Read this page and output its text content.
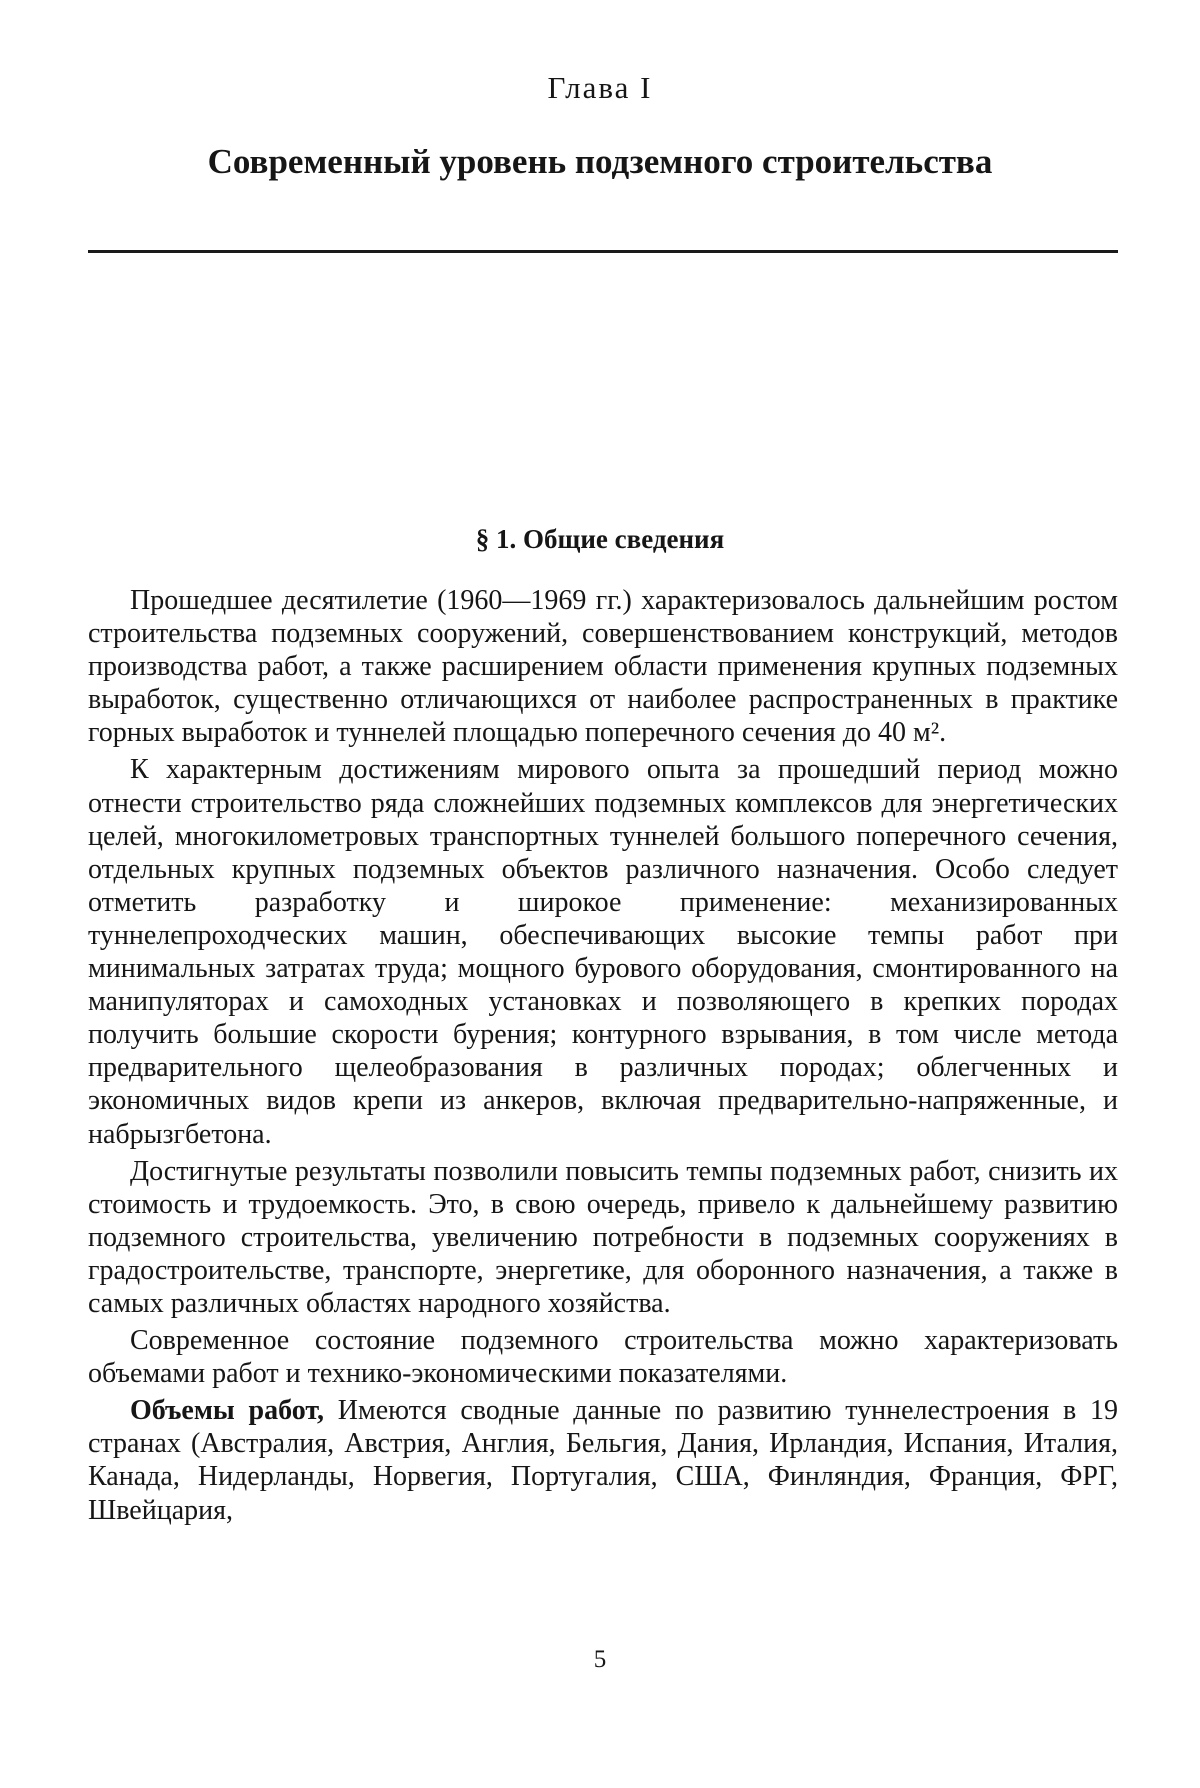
Глава I
Современный уровень подземного строительства
§ 1. Общие сведения

Прошедшее десятилетие (1960—1969 гг.) характеризовалось дальнейшим ростом строительства подземных сооружений, совершенствованием конструкций, методов производства работ, а также расширением области применения крупных подземных выработок, существенно отличающихся от наиболее распространенных в практике горных выработок и туннелей площадью поперечного сечения до 40 м².

К характерным достижениям мирового опыта за прошедший период можно отнести строительство ряда сложнейших подземных комплексов для энергетических целей, многокилометровых транспортных туннелей большого поперечного сечения, отдельных крупных подземных объектов различного назначения. Особо следует отметить разработку и широкое применение: механизированных туннелепроходческих машин, обеспечивающих высокие темпы работ при минимальных затратах труда; мощного бурового оборудования, смонтированного на манипуляторах и самоходных установках и позволяющего в крепких породах получить большие скорости бурения; контурного взрывания, в том числе метода предварительного щелеобразования в различных породах; облегченных и экономичных видов крепи из анкеров, включая предварительно-напряженные, и набрызгбетона.

Достигнутые результаты позволили повысить темпы подземных работ, снизить их стоимость и трудоемкость. Это, в свою очередь, привело к дальнейшему развитию подземного строительства, увеличению потребности в подземных сооружениях в градостроительстве, транспорте, энергетике, для оборонного назначения, а также в самых различных областях народного хозяйства.

Современное состояние подземного строительства можно характеризовать объемами работ и технико-экономическими показателями.

Объемы работ, Имеются сводные данные по развитию туннелестроения в 19 странах (Австралия, Австрия, Англия, Бельгия, Дания, Ирландия, Испания, Италия, Канада, Нидерланды, Норвегия, Португалия, США, Финляндия, Франция, ФРГ, Швейцария,

5
